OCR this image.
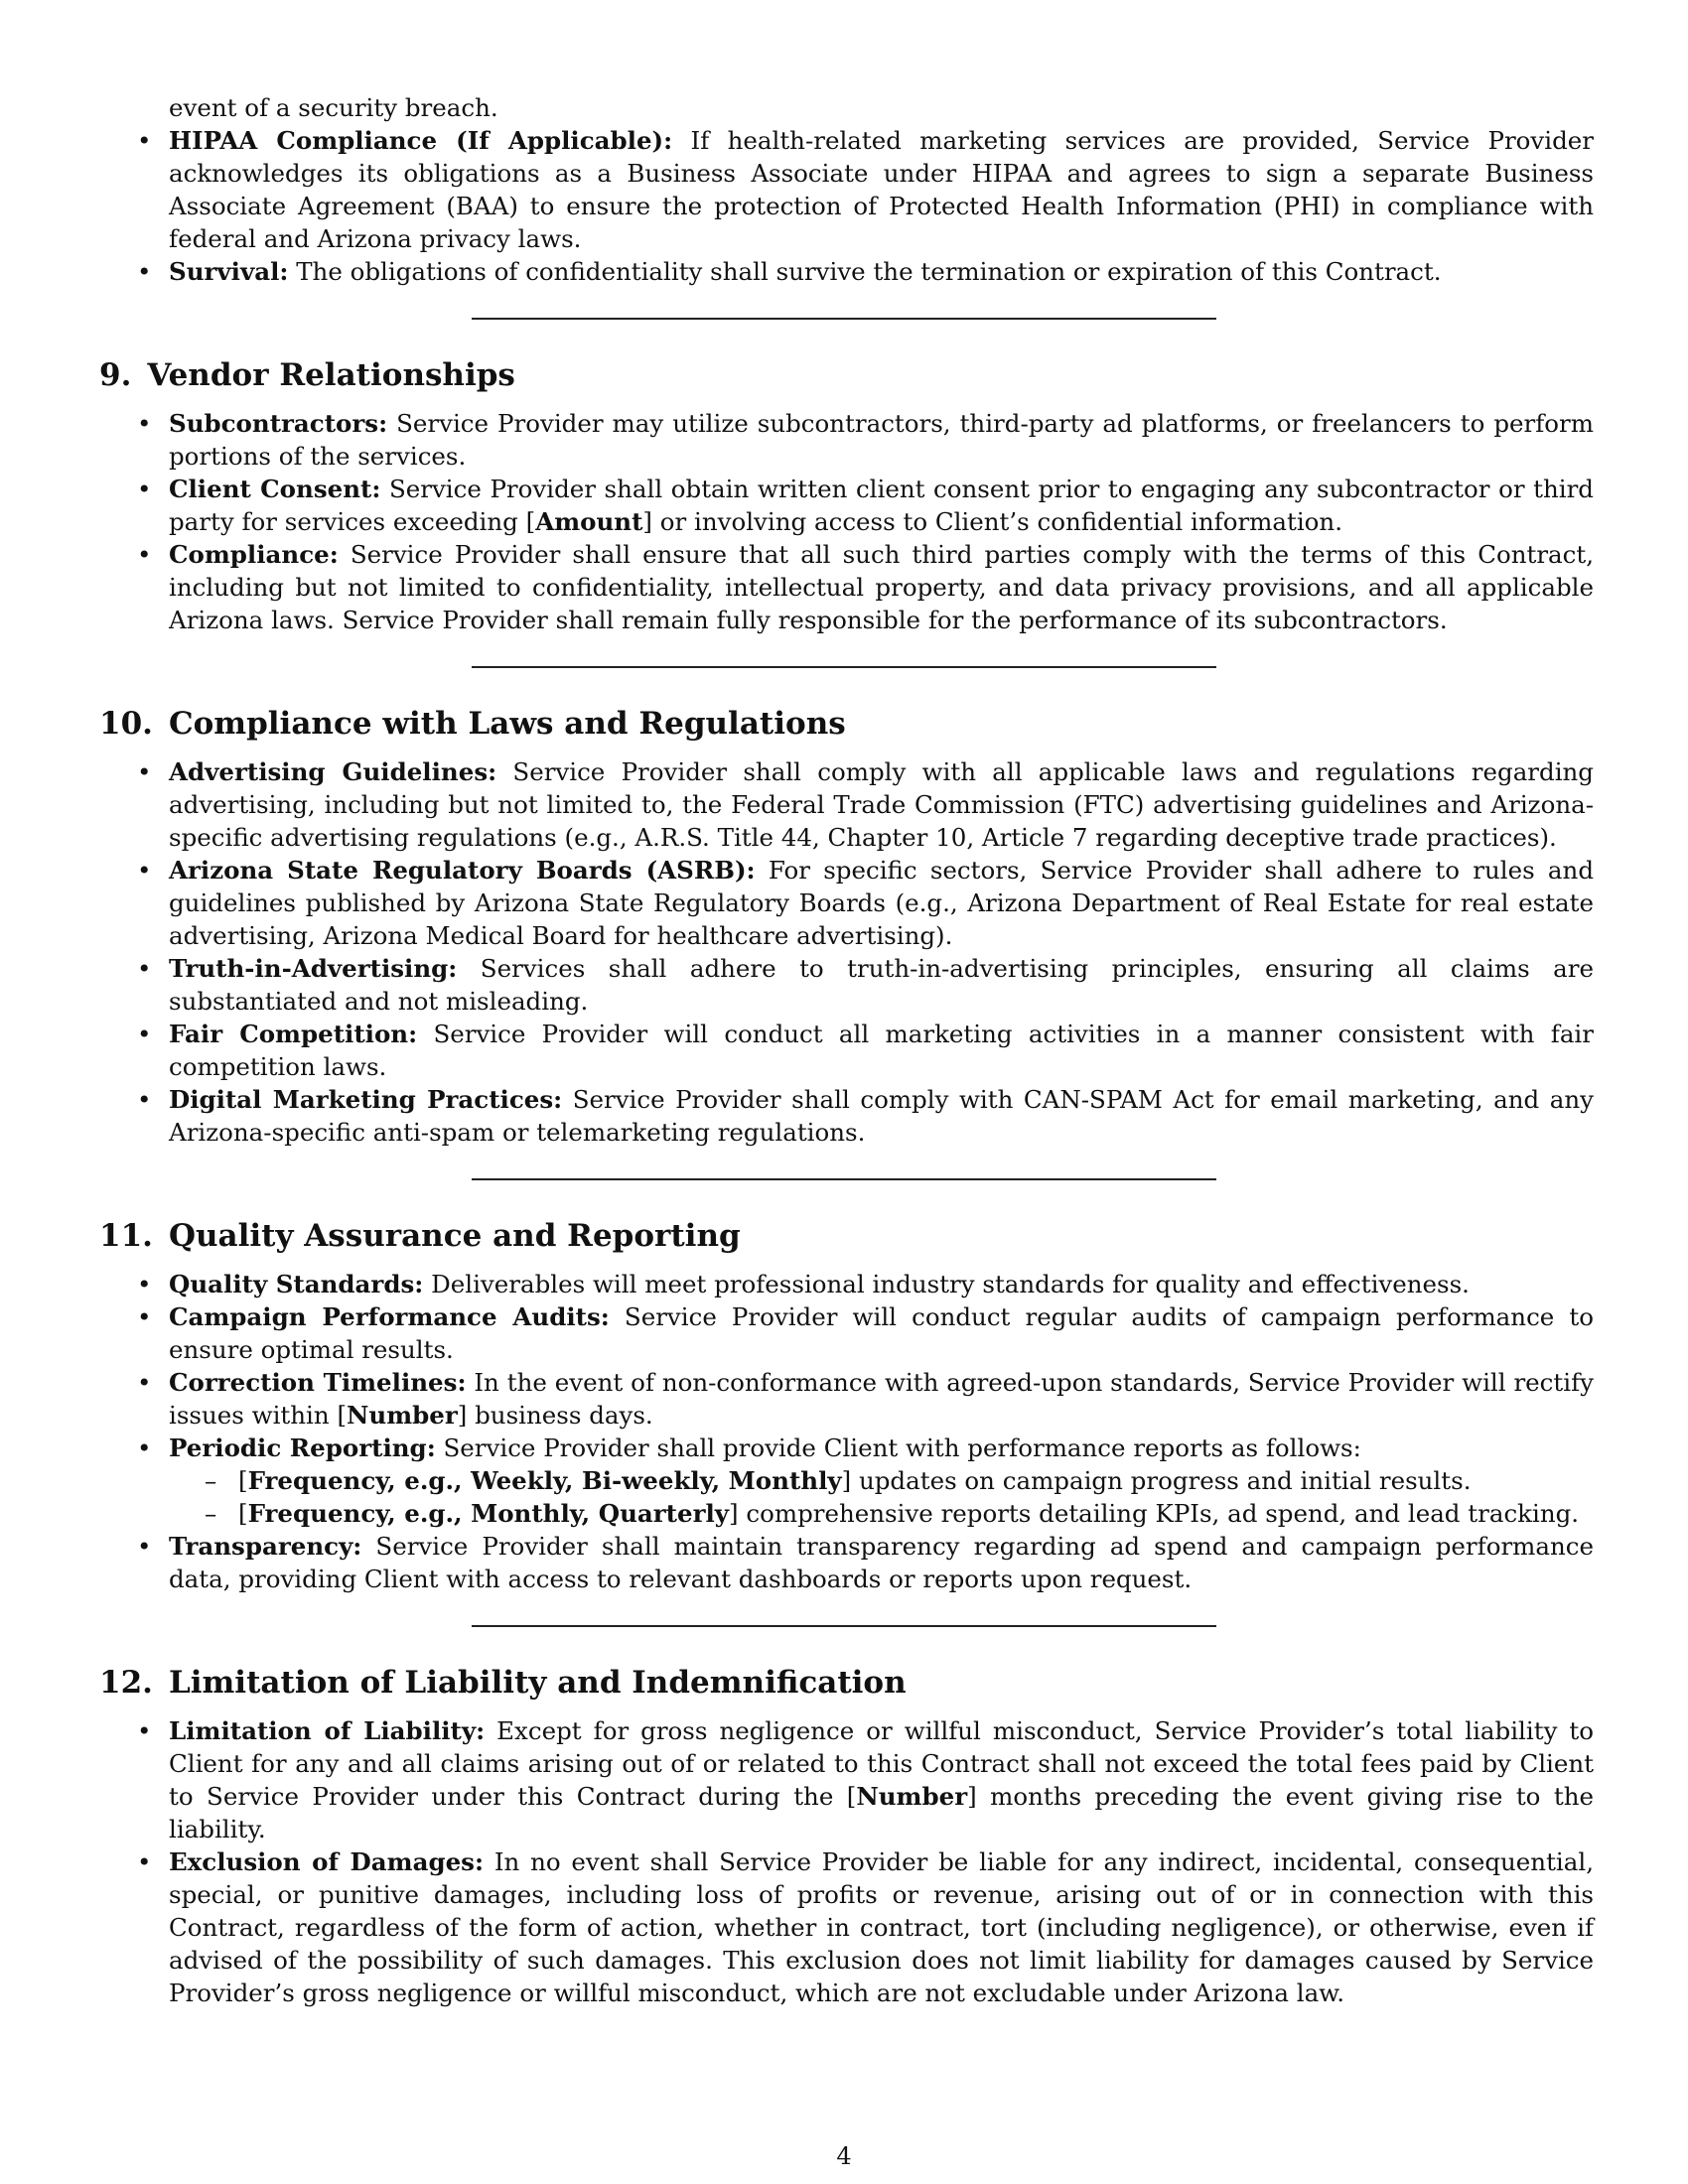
event of a security breach.

• HIPAA Compliance (If Applicable): If health-related marketing services are provided, Service Provider acknowledges its obligations as a Business Associate under HIPAA and agrees to sign a separate Business Associate Agreement (BAA) to ensure the protection of Protected Health Information (PHI) in compliance with federal and Arizona privacy laws.
• Survival: The obligations of confidentiality shall survive the termination or expiration of this Contract.
9. Vendor Relationships
• Subcontractors: Service Provider may utilize subcontractors, third-party ad platforms, or freelancers to perform portions of the services.
• Client Consent: Service Provider shall obtain written client consent prior to engaging any subcontractor or third party for services exceeding [Amount] or involving access to Client’s confidential information.
• Compliance: Service Provider shall ensure that all such third parties comply with the terms of this Contract, including but not limited to confidentiality, intellectual property, and data privacy provisions, and all applicable Arizona laws. Service Provider shall remain fully responsible for the performance of its subcontractors.
10. Compliance with Laws and Regulations
• Advertising Guidelines: Service Provider shall comply with all applicable laws and regulations regarding advertising, including but not limited to, the Federal Trade Commission (FTC) advertising guidelines and Arizona-specific advertising regulations (e.g., A.R.S. Title 44, Chapter 10, Article 7 regarding deceptive trade practices).
• Arizona State Regulatory Boards (ASRB): For specific sectors, Service Provider shall adhere to rules and guidelines published by Arizona State Regulatory Boards (e.g., Arizona Department of Real Estate for real estate advertising, Arizona Medical Board for healthcare advertising).
• Truth-in-Advertising: Services shall adhere to truth-in-advertising principles, ensuring all claims are substantiated and not misleading.
• Fair Competition: Service Provider will conduct all marketing activities in a manner consistent with fair competition laws.
• Digital Marketing Practices: Service Provider shall comply with CAN-SPAM Act for email marketing, and any Arizona-specific anti-spam or telemarketing regulations.
11. Quality Assurance and Reporting
• Quality Standards: Deliverables will meet professional industry standards for quality and effectiveness.
• Campaign Performance Audits: Service Provider will conduct regular audits of campaign performance to ensure optimal results.
• Correction Timelines: In the event of non-conformance with agreed-upon standards, Service Provider will rectify issues within [Number] business days.
• Periodic Reporting: Service Provider shall provide Client with performance reports as follows:
– [Frequency, e.g., Weekly, Bi-weekly, Monthly] updates on campaign progress and initial results.
– [Frequency, e.g., Monthly, Quarterly] comprehensive reports detailing KPIs, ad spend, and lead tracking.
• Transparency: Service Provider shall maintain transparency regarding ad spend and campaign performance data, providing Client with access to relevant dashboards or reports upon request.
12. Limitation of Liability and Indemnification
• Limitation of Liability: Except for gross negligence or willful misconduct, Service Provider’s total liability to Client for any and all claims arising out of or related to this Contract shall not exceed the total fees paid by Client to Service Provider under this Contract during the [Number] months preceding the event giving rise to the liability.
• Exclusion of Damages: In no event shall Service Provider be liable for any indirect, incidental, consequential, special, or punitive damages, including loss of profits or revenue, arising out of or in connection with this Contract, regardless of the form of action, whether in contract, tort (including negligence), or otherwise, even if advised of the possibility of such damages. This exclusion does not limit liability for damages caused by Service Provider’s gross negligence or willful misconduct, which are not excludable under Arizona law.
4
